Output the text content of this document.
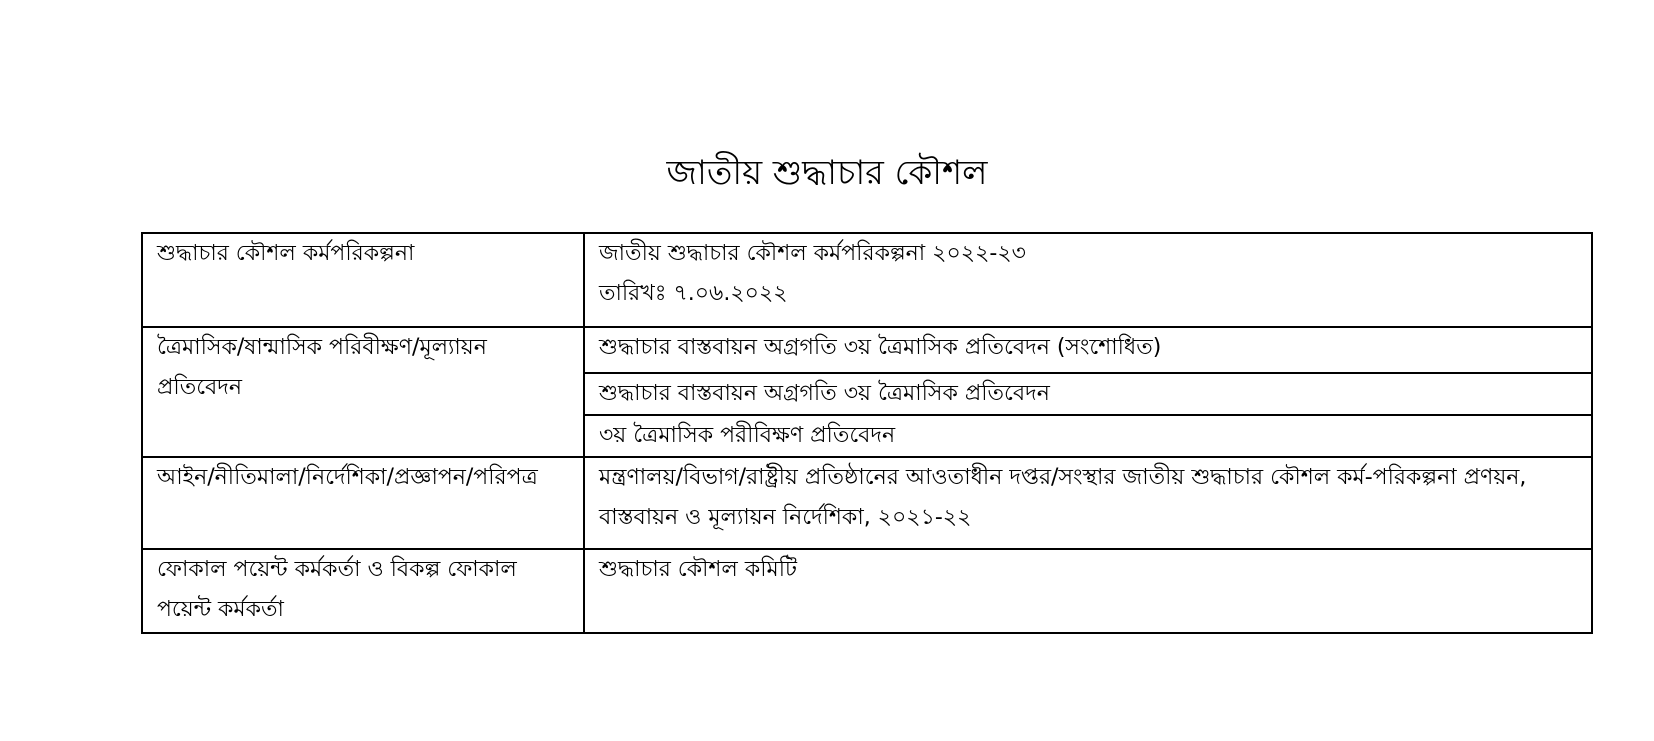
জাতীয় শুদ্ধাচার কৌশল
শুদ্ধাচার কৌশল কর্মপরিকল্পনা	জাতীয় শুদ্ধাচার কৌশল কর্মপরিকল্পনা ২০২২-২৩
তারিখঃ ৭.০৬.২০২২

ত্রৈমাসিক/ষান্মাসিক পরিবীক্ষণ/মূল্যায়ন প্রতিবেদন	শুদ্ধাচার বাস্তবায়ন অগ্রগতি ৩য় ত্রৈমাসিক প্রতিবেদন (সংশোধিত)
	শুদ্ধাচার বাস্তবায়ন অগ্রগতি ৩য় ত্রৈমাসিক প্রতিবেদন
	৩য় ত্রৈমাসিক পরীবিক্ষণ প্রতিবেদন
আইন/নীতিমালা/নির্দেশিকা/প্রজ্ঞাপন/পরিপত্র	মন্ত্রণালয়/বিভাগ/রাষ্ট্রীয় প্রতিষ্ঠানের আওতাধীন দপ্তর/সংস্থার জাতীয় শুদ্ধাচার কৌশল কর্ম-পরিকল্পনা প্রণয়ন, বাস্তবায়ন ও মূল্যায়ন নির্দেশিকা, ২০২১-২২
ফোকাল পয়েন্ট কর্মকর্তা ও বিকল্প ফোকাল পয়েন্ট কর্মকর্তা	শুদ্ধাচার কৌশল কমিটি
